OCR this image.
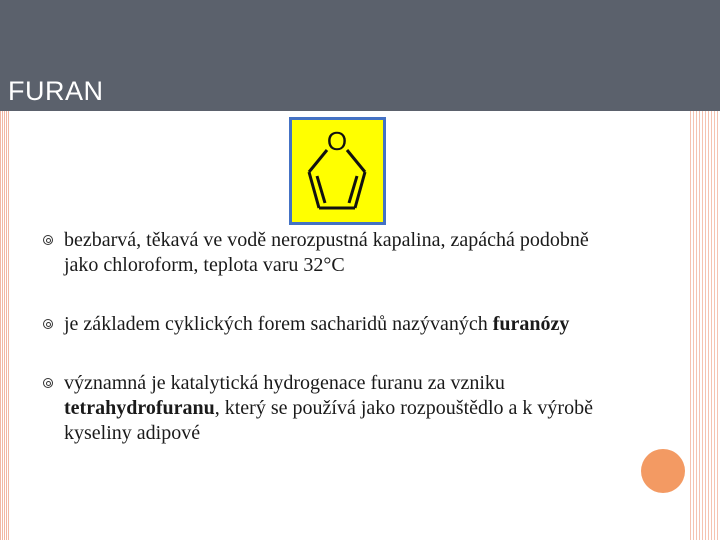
FURAN
O
bezbarvá, těkavá ve vodě nerozpustná kapalina, zapáchá podobně jako chloroform, teplota varu 32°C
je základem cyklických forem sacharidů nazývaných furanózy
významná je katalytická hydrogenace furanu za vzniku tetrahydrofuranu, který se používá jako rozpouštědlo a k výrobě kyseliny adipové
